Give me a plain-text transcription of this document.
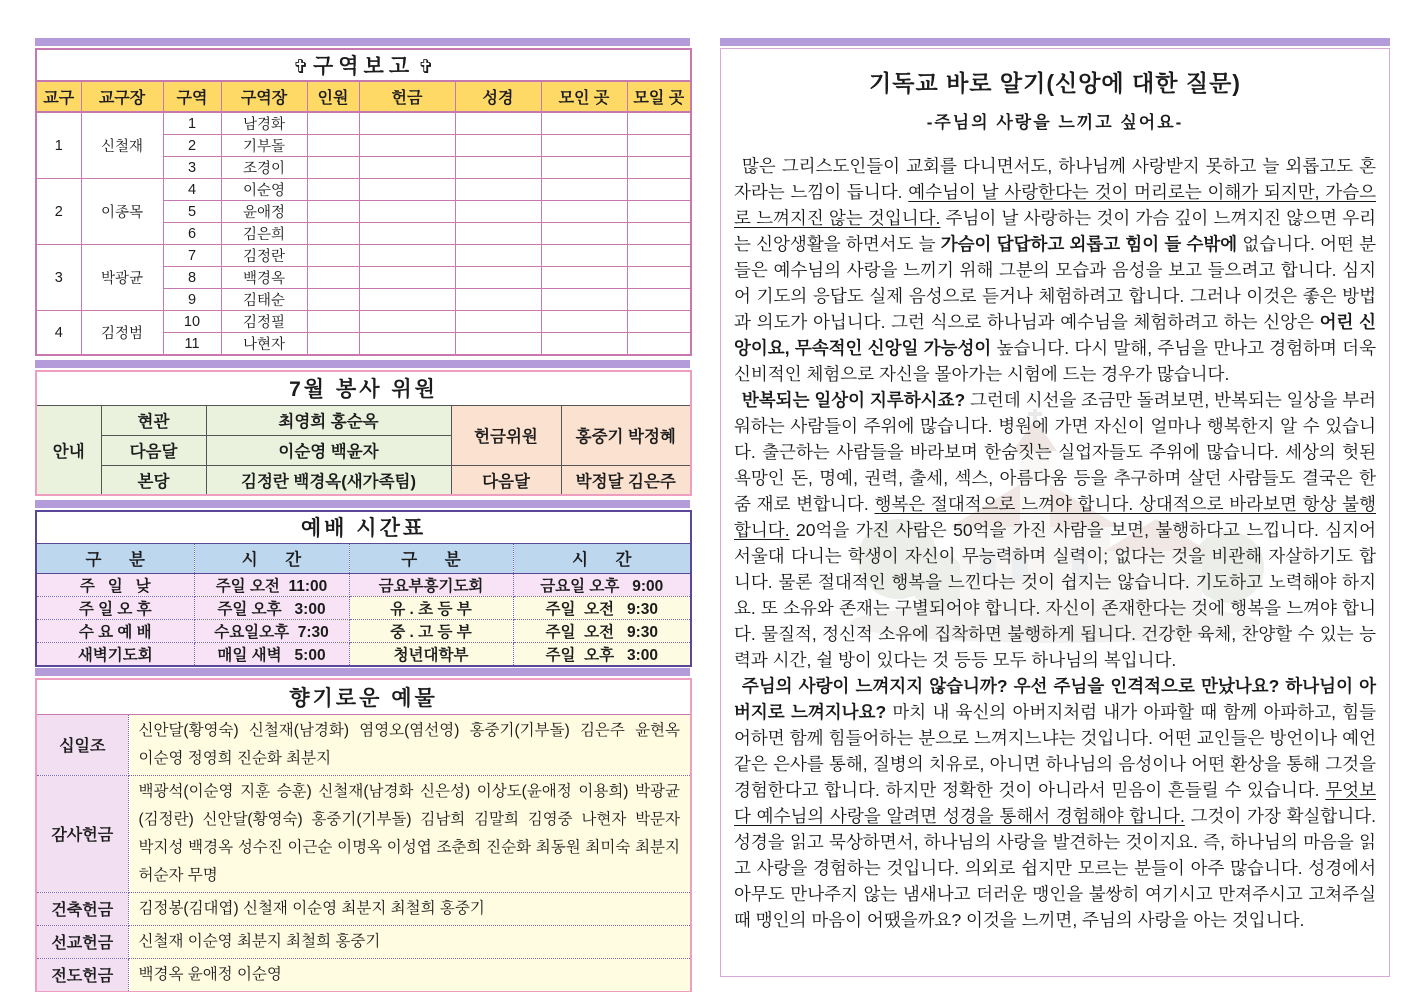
✞ 구역보고 ✞								
교구	교구장	구역	구역장	인원	헌금	성경	모인 곳	모일 곳
1	신철재	1	남경화					
		2	기부돌					
		3	조경이					
2	이종목	4	이순영					
		5	윤애정					
		6	김은희					
3	박광균	7	김정란					
		8	백경옥					
		9	김태순					
4	김정범	10	김정필					
		11	나현자					
7월 봉사 위원				
안내	현관	최영희 홍순옥	헌금위원	홍중기 박정혜
	다음달	이순영 백윤자		
	본당	김정란 백경옥(새가족팀)	다음달	박정달 김은주
예배 시간표			
구      분	시      간	구      분	시      간
주   일   낮	주일 오전  11:00	금요부흥기도회	금요일 오후   9:00
주 일 오 후	주일 오후   3:00	유 . 초 등 부	주일  오전   9:30
수 요 예 배	수요일오후  7:30	중 . 고 등 부	주일  오전   9:30
새벽기도회	매일 새벽   5:00	청년대학부	주일  오후   3:00
향기로운 예물	
십일조	신안달(황영숙) 신철재(남경화) 염영오(염선영) 홍중기(기부돌) 김은주 윤현옥 이순영 정영희 진순화 최분지
감사헌금	백광석(이순영 지훈 승훈) 신철재(남경화 신은성) 이상도(윤애정 이용희) 박광균(김정란) 신안달(황영숙) 홍중기(기부돌) 김남희 김말희 김영중 나현자 박문자 박지성 백경옥 성수진 이근순 이명옥 이성엽 조춘희 진순화 최동원 최미숙 최분지 허순자 무명
건축헌금	김정봉(김대엽) 신철재 이순영 최분지 최철희 홍중기
선교헌금	신철재 이순영 최분지 최철희 홍중기
전도헌금	백경옥 윤애정 이순영
기독교 바로 알기(신앙에 대한 질문)
-주님의 사랑을 느끼고 싶어요-

많은 그리스도인들이 교회를 다니면서도, 하나님께 사랑받지 못하고 늘 외롭고도 혼자라는 느낌이 듭니다. 예수님이 날 사랑한다는 것이 머리로는 이해가 되지만, 가슴으로 느껴지진 않는 것입니다. 주님이 날 사랑하는 것이 가슴 깊이 느껴지진 않으면 우리는 신앙생활을 하면서도 늘 가슴이 답답하고 외롭고 힘이 들 수밖에 없습니다. 어떤 분들은 예수님의 사랑을 느끼기 위해 그분의 모습과 음성을 보고 들으려고 합니다. 심지어 기도의 응답도 실제 음성으로 듣거나 체험하려고 합니다. 그러나 이것은 좋은 방법과 의도가 아닙니다. 그런 식으로 하나님과 예수님을 체험하려고 하는 신앙은 어린 신앙이요, 무속적인 신앙일 가능성이 높습니다. 다시 말해, 주님을 만나고 경험하며 더욱 신비적인 체험으로 자신을 몰아가는 시험에 드는 경우가 많습니다.

반복되는 일상이 지루하시죠? 그런데 시선을 조금만 돌려보면, 반복되는 일상을 부러워하는 사람들이 주위에 많습니다. 병원에 가면 자신이 얼마나 행복한지 알 수 있습니다. 출근하는 사람들을 바라보며 한숨짓는 실업자들도 주위에 많습니다. 세상의 헛된 욕망인 돈, 명예, 권력, 출세, 섹스, 아름다움 등을 추구하며 살던 사람들도 결국은 한 줌 재로 변합니다. 행복은 절대적으로 느껴야 합니다. 상대적으로 바라보면 항상 불행합니다. 20억을 가진 사람은 50억을 가진 사람을 보면, 불행하다고 느낍니다. 심지어 서울대 다니는 학생이 자신이 무능력하며 실력이; 없다는 것을 비관해 자살하기도 합니다. 물론 절대적인 행복을 느낀다는 것이 쉽지는 않습니다. 기도하고 노력해야 하지요. 또 소유와 존재는 구별되어야 합니다. 자신이 존재한다는 것에 행복을 느껴야 합니다. 물질적, 정신적 소유에 집착하면 불행하게 됩니다. 건강한 육체, 찬양할 수 있는 능력과 시간, 쉴 방이 있다는 것 등등 모두 하나님의 복입니다.

주님의 사랑이 느껴지지 않습니까? 우선 주님을 인격적으로 만났나요? 하나님이 아버지로 느껴지나요? 마치 내 육신의 아버지처럼 내가 아파할 때 함께 아파하고, 힘들어하면 함께 힘들어하는 분으로 느껴지느냐는 것입니다. 어떤 교인들은 방언이나 예언같은 은사를 통해, 질병의 치유로, 아니면 하나님의 음성이나 어떤 환상을 통해 그것을 경험한다고 합니다. 하지만 정확한 것이 아니라서 믿음이 흔들릴 수 있습니다. 무엇보다 예수님의 사랑을 알려면 성경을 통해서 경험해야 합니다. 그것이 가장 확실합니다. 성경을 읽고 묵상하면서, 하나님의 사랑을 발견하는 것이지요. 즉, 하나님의 마음을 읽고 사랑을 경험하는 것입니다. 의외로 쉽지만 모르는 분들이 아주 많습니다. 성경에서 아무도 만나주지 않는 냄새나고 더러운 맹인을 불쌍히 여기시고 만져주시고 고쳐주실 때 맹인의 마음이 어땠을까요? 이것을 느끼면, 주님의 사랑을 아는 것입니다.
